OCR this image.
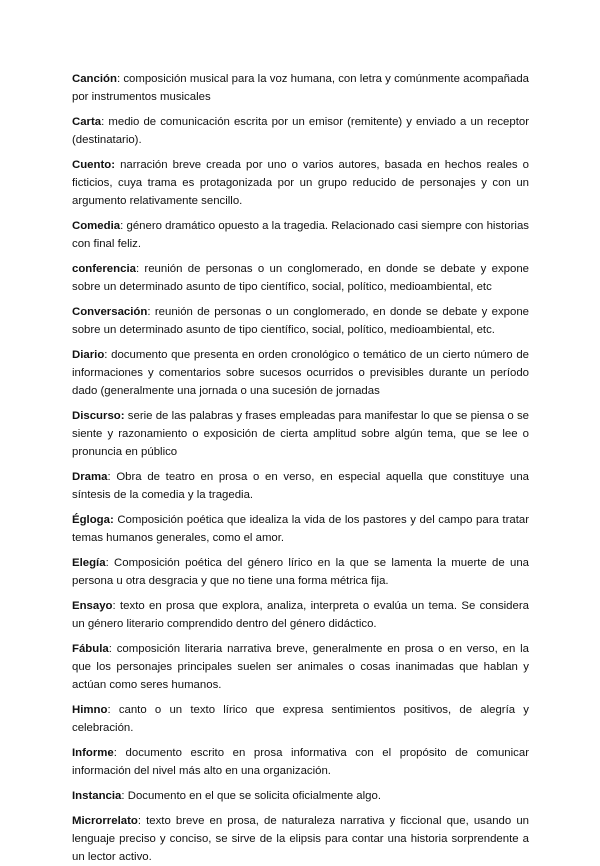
Canción: composición musical para la voz humana, con letra y comúnmente acompañada por instrumentos musicales

Carta: medio de comunicación escrita por un emisor (remitente) y enviado a un receptor (destinatario).

Cuento: narración breve creada por uno o varios autores, basada en hechos reales o ficticios, cuya trama es protagonizada por un grupo reducido de personajes y con un argumento relativamente sencillo.

Comedia: género dramático opuesto a la tragedia. Relacionado casi siempre con historias con final feliz.

conferencia: reunión de personas o un conglomerado, en donde se debate y expone sobre un determinado asunto de tipo científico, social, político, medioambiental, etc

Conversación: reunión de personas o un conglomerado, en donde se debate y expone sobre un determinado asunto de tipo científico, social, político, medioambiental, etc.

Diario: documento que presenta en orden cronológico o temático de un cierto número de informaciones y comentarios sobre sucesos ocurridos o previsibles durante un período dado (generalmente una jornada o una sucesión de jornadas

Discurso: serie de las palabras y frases empleadas para manifestar lo que se piensa o se siente y razonamiento o exposición de cierta amplitud sobre algún tema, que se lee o pronuncia en público

Drama: Obra de teatro en prosa o en verso, en especial aquella que constituye una síntesis de la comedia y la tragedia.

Égloga: Composición poética que idealiza la vida de los pastores y del campo para tratar temas humanos generales, como el amor.

Elegía: Composición poética del género lírico en la que se lamenta la muerte de una persona u otra desgracia y que no tiene una forma métrica fija.

Ensayo: texto en prosa que explora, analiza, interpreta o evalúa un tema. Se considera un género literario comprendido dentro del género didáctico.

Fábula: composición literaria narrativa breve, generalmente en prosa o en verso, en la que los personajes principales suelen ser animales o cosas inanimadas que hablan y actúan como seres humanos.

Himno: canto o un texto lírico que expresa sentimientos positivos, de alegría y celebración.

Informe: documento escrito en prosa informativa con el propósito de comunicar información del nivel más alto en una organización.

Instancia: Documento en el que se solicita oficialmente algo.

Microrrelato: texto breve en prosa, de naturaleza narrativa y ficcional que, usando un lenguaje preciso y conciso, se sirve de la elipsis para contar una historia sorprendente a un lector activo.
